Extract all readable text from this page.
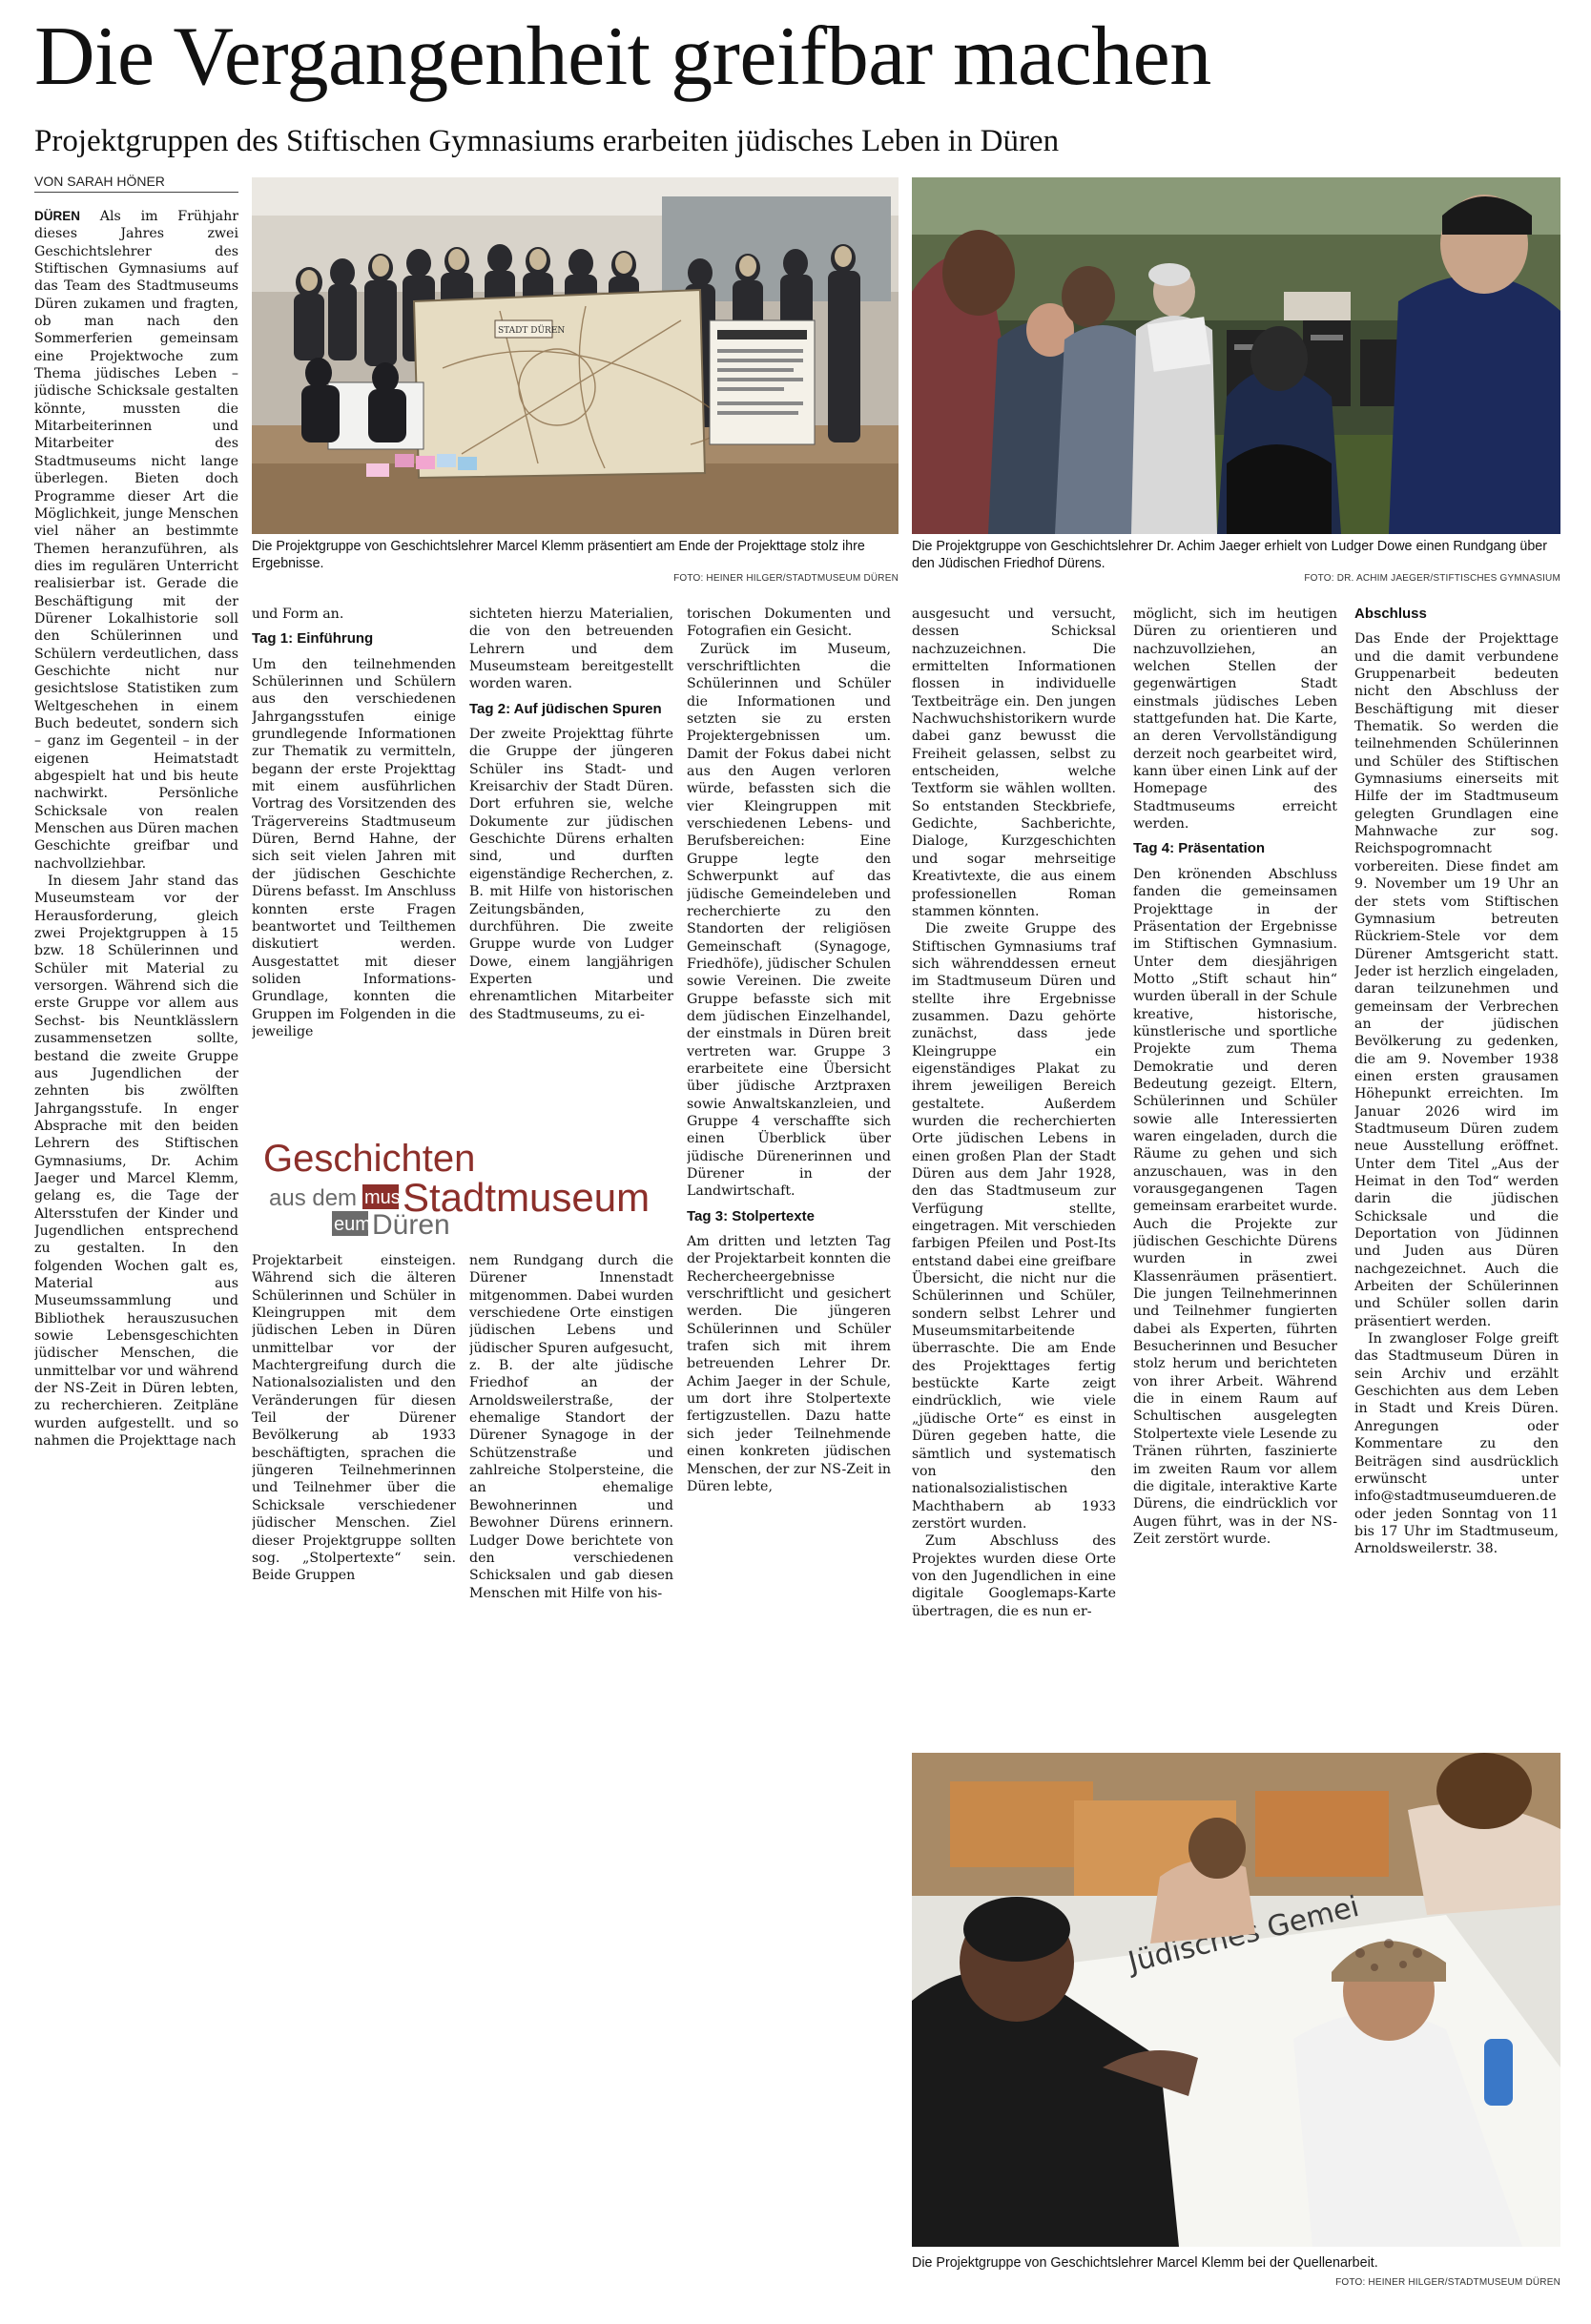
Die Vergangenheit greifbar machen
Projektgruppen des Stiftischen Gymnasiums erarbeiten jüdisches Leben in Düren
VON SARAH HÖNER
STADT DÜREN
Die Projektgruppe von Geschichtslehrer Marcel Klemm präsentiert am Ende der Projekttage stolz ihre Ergebnisse.
FOTO: HEINER HILGER/STADTMUSEUM DÜREN
Die Projektgruppe von Geschichtslehrer Dr. Achim Jaeger erhielt von Ludger Dowe einen Rundgang über den Jüdischen Friedhof Dürens.
FOTO: DR. ACHIM JAEGER/STIFTISCHES GYMNASIUM

DÜREN Als im Frühjahr dieses Jahres zwei Geschichtslehrer des Stiftischen Gymnasiums auf das Team des Stadtmuseums Düren zukamen und fragten, ob man nach den Sommerferien gemeinsam eine Projektwoche zum Thema jüdisches Leben – jüdische Schicksale gestalten könnte, mussten die Mitarbeiterinnen und Mitarbeiter des Stadtmuseums nicht lange überlegen. Bieten doch Programme dieser Art die Möglichkeit, junge Menschen viel näher an bestimmte Themen heranzuführen, als dies im regulären Unterricht realisierbar ist. Gerade die Beschäftigung mit der Dürener Lokalhistorie soll den Schülerinnen und Schülern verdeutlichen, dass Geschichte nicht nur gesichtslose Statistiken zum Weltgeschehen in einem Buch bedeutet, sondern sich – ganz im Gegenteil – in der eigenen Heimatstadt abgespielt hat und bis heute nachwirkt. Persönliche Schicksale von realen Menschen aus Düren machen Geschichte greifbar und nachvollziehbar.

In diesem Jahr stand das Museumsteam vor der Herausforderung, gleich zwei Projektgruppen à 15 bzw. 18 Schülerinnen und Schüler mit Material zu versorgen. Während sich die erste Gruppe vor allem aus Sechst- bis Neuntklässlern zusammensetzen sollte, bestand die zweite Gruppe aus Jugendlichen der zehnten bis zwölften Jahrgangsstufe. In enger Absprache mit den beiden Lehrern des Stiftischen Gymnasiums, Dr. Achim Jaeger und Marcel Klemm, gelang es, die Tage der Altersstufen der Kinder und Jugendlichen entsprechend zu gestalten. In den folgenden Wochen galt es, Material aus Museumssammlung und Bibliothek herauszusuchen sowie Lebensgeschichten jüdischer Menschen, die unmittelbar vor und während der NS-Zeit in Düren lebten, zu recherchieren. Zeitpläne wurden aufgestellt. und so nahmen die Projekttage nach

und Form an.

Tag 1: Einführung

Um den teilnehmenden Schülerinnen und Schülern aus den verschiedenen Jahrgangsstufen einige grundlegende Informationen zur Thematik zu vermitteln, begann der erste Projekttag mit einem ausführlichen Vortrag des Vorsitzenden des Trägervereins Stadtmuseum Düren, Bernd Hahne, der sich seit vielen Jahren mit der jüdischen Geschichte Dürens befasst. Im Anschluss konnten erste Fragen beantwortet und Teilthemen diskutiert werden. Ausgestattet mit dieser soliden Informations-Grundlage, konnten die Gruppen im Folgenden in die jeweilige

sichteten hierzu Materialien, die von den betreuenden Lehrern und dem Museumsteam bereitgestellt worden waren.

Tag 2: Auf jüdischen Spuren

Der zweite Projekttag führte die Gruppe der jüngeren Schüler ins Stadt- und Kreisarchiv der Stadt Düren. Dort erfuhren sie, welche Dokumente zur jüdischen Geschichte Dürens erhalten sind, und durften eigenständige Recherchen, z. B. mit Hilfe von historischen Zeitungsbänden, durchführen. Die zweite Gruppe wurde von Ludger Dowe, einem langjährigen Experten und ehrenamtlichen Mitarbeiter des Stadtmuseums, zu ei-

Geschichten
aus dem mus
eum
Stadtmuseum
Düren

Projektarbeit einsteigen. Während sich die älteren Schülerinnen und Schüler in Kleingruppen mit dem jüdischen Leben in Düren unmittelbar vor der Machtergreifung durch die Nationalsozialisten und den Veränderungen für diesen Teil der Dürener Bevölkerung ab 1933 beschäftigten, sprachen die jüngeren Teilnehmerinnen und Teilnehmer über die Schicksale verschiedener jüdischer Menschen. Ziel dieser Projektgruppe sollten sog. „Stolpertexte“ sein. Beide Gruppen

nem Rundgang durch die Dürener Innenstadt mitgenommen. Dabei wurden verschiedene Orte einstigen jüdischen Lebens und jüdischer Spuren aufgesucht, z. B. der alte jüdische Friedhof an der Arnoldsweilerstraße, der ehemalige Standort der Dürener Synagoge in der Schützenstraße und zahlreiche Stolpersteine, die an ehemalige Bewohnerinnen und Bewohner Dürens erinnern. Ludger Dowe berichtete von den verschiedenen Schicksalen und gab diesen Menschen mit Hilfe von his-

torischen Dokumenten und Fotografien ein Gesicht.

Zurück im Museum, verschriftlichten die Schülerinnen und Schüler die Informationen und setzten sie zu ersten Projektergebnissen um. Damit der Fokus dabei nicht aus den Augen verloren würde, befassten sich die vier Kleingruppen mit verschiedenen Lebens- und Berufsbereichen: Eine Gruppe legte den Schwerpunkt auf das jüdische Gemeindeleben und recherchierte zu den Standorten der religiösen Gemeinschaft (Synagoge, Friedhöfe), jüdischer Schulen sowie Vereinen. Die zweite Gruppe befasste sich mit dem jüdischen Einzelhandel, der einstmals in Düren breit vertreten war. Gruppe 3 erarbeitete eine Übersicht über jüdische Arztpraxen sowie Anwaltskanzleien, und Gruppe 4 verschaffte sich einen Überblick über jüdische Dürenerinnen und Dürener in der Landwirtschaft.

Tag 3: Stolpertexte

Am dritten und letzten Tag der Projektarbeit konnten die Rechercheergebnisse verschriftlicht und gesichert werden. Die jüngeren Schülerinnen und Schüler trafen sich mit ihrem betreuenden Lehrer Dr. Achim Jaeger in der Schule, um dort ihre Stolpertexte fertigzustellen. Dazu hatte sich jeder Teilnehmende einen konkreten jüdischen Menschen, der zur NS-Zeit in Düren lebte,

ausgesucht und versucht, dessen Schicksal nachzuzeichnen. Die ermittelten Informationen flossen in individuelle Textbeiträge ein. Den jungen Nachwuchshistorikern wurde dabei ganz bewusst die Freiheit gelassen, selbst zu entscheiden, welche Textform sie wählen wollten. So entstanden Steckbriefe, Gedichte, Sachberichte, Dialoge, Kurzgeschichten und sogar mehrseitige Kreativtexte, die aus einem professionellen Roman stammen könnten.

Die zweite Gruppe des Stiftischen Gymnasiums traf sich währenddessen erneut im Stadtmuseum Düren und stellte ihre Ergebnisse zusammen. Dazu gehörte zunächst, dass jede Kleingruppe ein eigenständiges Plakat zu ihrem jeweiligen Bereich gestaltete. Außerdem wurden die recherchierten Orte jüdischen Lebens in einen großen Plan der Stadt Düren aus dem Jahr 1928, den das Stadtmuseum zur Verfügung stellte, eingetragen. Mit verschieden farbigen Pfeilen und Post-Its entstand dabei eine greifbare Übersicht, die nicht nur die Schülerinnen und Schüler, sondern selbst Lehrer und Museumsmitarbeitende überraschte. Die am Ende des Projekttages fertig bestückte Karte zeigt eindrücklich, wie viele „jüdische Orte“ es einst in Düren gegeben hatte, die sämtlich und systematisch von den nationalsozialistischen Machthabern ab 1933 zerstört wurden.

Zum Abschluss des Projektes wurden diese Orte von den Jugendlichen in eine digitale Googlemaps-Karte übertragen, die es nun er-

möglicht, sich im heutigen Düren zu orientieren und nachzuvollziehen, an welchen Stellen der gegenwärtigen Stadt einstmals jüdisches Leben stattgefunden hat. Die Karte, an deren Vervollständigung derzeit noch gearbeitet wird, kann über einen Link auf der Homepage des Stadtmuseums erreicht werden.

Tag 4: Präsentation

Den krönenden Abschluss fanden die gemeinsamen Projekttage in der Präsentation der Ergebnisse im Stiftischen Gymnasium. Unter dem diesjährigen Motto „Stift schaut hin“ wurden überall in der Schule kreative, historische, künstlerische und sportliche Projekte zum Thema Demokratie und deren Bedeutung gezeigt. Eltern, Schülerinnen und Schüler sowie alle Interessierten waren eingeladen, durch die Räume zu gehen und sich anzuschauen, was in den vorausgegangenen Tagen gemeinsam erarbeitet wurde. Auch die Projekte zur jüdischen Geschichte Dürens wurden in zwei Klassenräumen präsentiert. Die jungen Teilnehmerinnen und Teilnehmer fungierten dabei als Experten, führten Besucherinnen und Besucher stolz herum und berichteten von ihrer Arbeit. Während die in einem Raum auf Schultischen ausgelegten Stolpertexte viele Lesende zu Tränen rührten, faszinierte im zweiten Raum vor allem die digitale, interaktive Karte Dürens, die eindrücklich vor Augen führt, was in der NS-Zeit zerstört wurde.

Abschluss

Das Ende der Projekttage und die damit verbundene Gruppenarbeit bedeuten nicht den Abschluss der Beschäftigung mit dieser Thematik. So werden die teilnehmenden Schülerinnen und Schüler des Stiftischen Gymnasiums einerseits mit Hilfe der im Stadtmuseum gelegten Grundlagen eine Mahnwache zur sog. Reichspogromnacht vorbereiten. Diese findet am 9. November um 19 Uhr an der stets vom Stiftischen Gymnasium betreuten Rückriem-Stele vor dem Dürener Amtsgericht statt. Jeder ist herzlich eingeladen, daran teilzunehmen und gemeinsam der Verbrechen an der jüdischen Bevölkerung zu gedenken, die am 9. November 1938 einen ersten grausamen Höhepunkt erreichten. Im Januar 2026 wird im Stadtmuseum Düren zudem neue Ausstellung eröffnet. Unter dem Titel „Aus der Heimat in den Tod“ werden darin die jüdischen Schicksale und die Deportation von Jüdinnen und Juden aus Düren nachgezeichnet. Auch die Arbeiten der Schülerinnen und Schüler sollen darin präsentiert werden.

In zwangloser Folge greift das Stadtmuseum Düren in sein Archiv und erzählt Geschichten aus dem Leben in Stadt und Kreis Düren. Anregungen oder Kommentare zu den Beiträgen sind ausdrücklich erwünscht unter info@stadtmuseumdueren.de oder jeden Sonntag von 11 bis 17 Uhr im Stadtmuseum, Arnoldsweilerstr. 38.

Jüdisches Gemei
Die Projektgruppe von Geschichtslehrer Marcel Klemm bei der Quellenarbeit.
FOTO: HEINER HILGER/STADTMUSEUM DÜREN
